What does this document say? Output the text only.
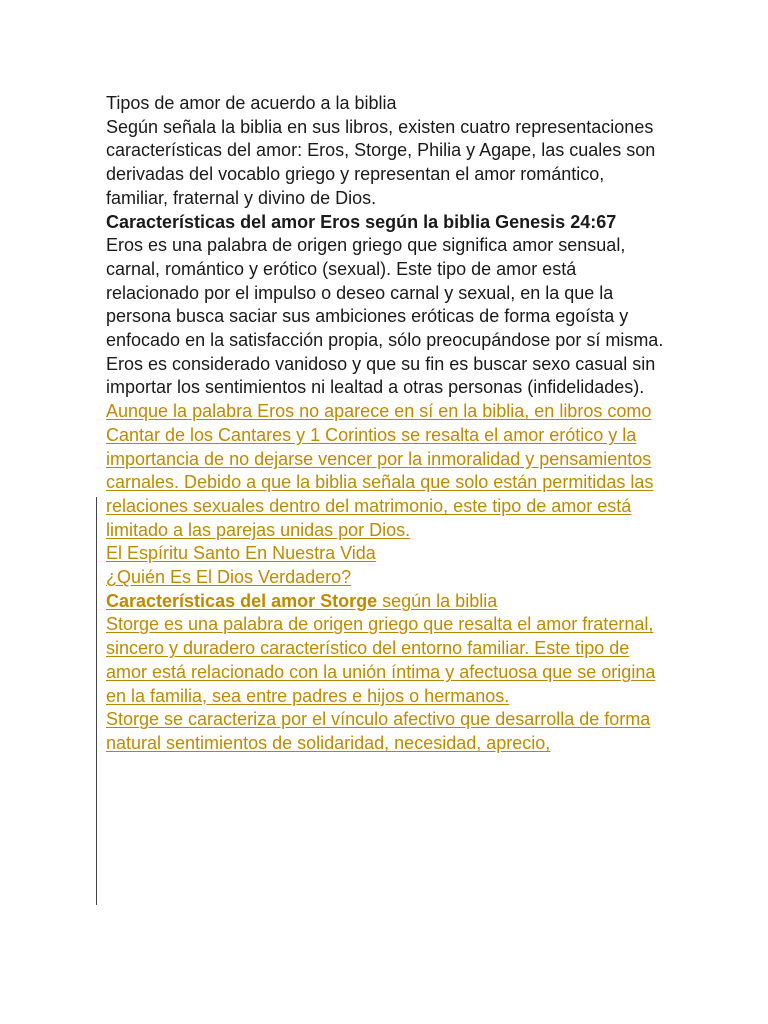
Tipos de amor de acuerdo a la biblia

Según señala la biblia en sus libros, existen cuatro representaciones características del amor: Eros, Storge, Philia y Agape, las cuales son derivadas del vocablo griego y representan el amor romántico, familiar, fraternal y divino de Dios.

Características del amor Eros según la biblia Genesis 24:67

Eros es una palabra de origen griego que significa amor sensual, carnal, romántico y erótico (sexual). Este tipo de amor está relacionado por el impulso o deseo carnal y sexual, en la que la persona busca saciar sus ambiciones eróticas de forma egoísta y enfocado en la satisfacción propia, sólo preocupándose por sí misma.

Eros es considerado vanidoso y que su fin es buscar sexo casual sin importar los sentimientos ni lealtad a otras personas (infidelidades).

Aunque la palabra Eros no aparece en sí en la biblia, en libros como Cantar de los Cantares y 1 Corintios se resalta el amor erótico y la importancia de no dejarse vencer por la inmoralidad y pensamientos carnales. Debido a que la biblia señala que solo están permitidas las relaciones sexuales dentro del matrimonio, este tipo de amor está limitado a las parejas unidas por Dios.

El Espíritu Santo En Nuestra Vida

¿Quién Es El Dios Verdadero?

Características del amor Storge según la biblia

Storge es una palabra de origen griego que resalta el amor fraternal, sincero y duradero característico del entorno familiar. Este tipo de amor está relacionado con la unión íntima y afectuosa que se origina en la familia, sea entre padres e hijos o hermanos.

Storge se caracteriza por el vínculo afectivo que desarrolla de forma natural sentimientos de solidaridad, necesidad, aprecio,
